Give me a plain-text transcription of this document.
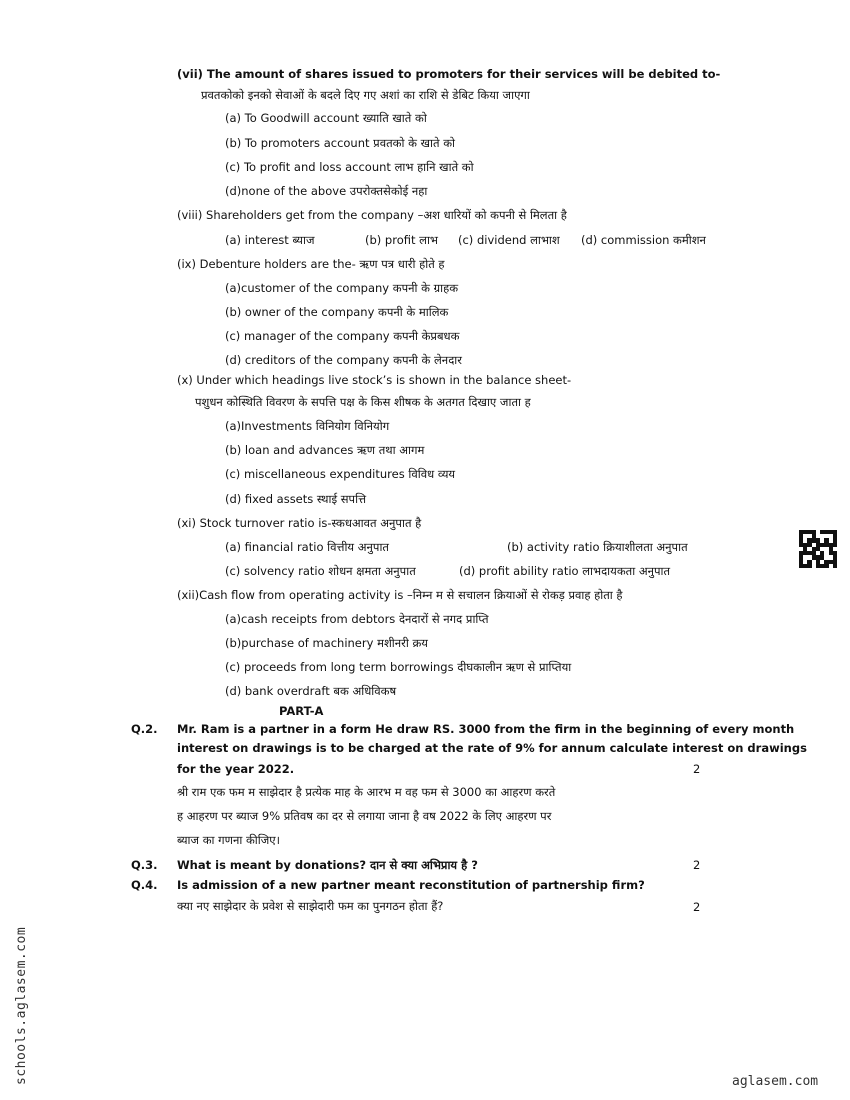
(vii) The amount of shares issued to promoters for their services will be debited to-
प्रवतकोको इनको सेवाओं के बदले दिए गए अशां का राशि से डेबिट किया जाएगा
(a) To Goodwill account ख्याति खाते को
(b) To promoters account प्रवतको के खाते को
(c) To profit and loss account लाभ हानि खाते को
(d)none of the above उपरोक्तसेकोई नहा
(viii) Shareholders get from the company –अश धारियों को कपनी से मिलता है
(a) interest ब्याज	(b) profit लाभ (c) dividend लाभाश (d) commission कमीशन
(ix) Debenture holders are the- ऋण पत्र धारी होते ह
(a)customer of the company कपनी के ग्राहक
(b) owner of the company कपनी के मालिक
(c) manager of the company कपनी केप्रबधक
(d) creditors of the company कपनी के लेनदार
(x) Under which headings live stock’s is shown in the balance sheet-
पशुधन कोस्थिति विवरण के सपत्ति पक्ष के किस शीषक के अतगत दिखाए जाता ह
(a)Investments विनियोग विनियोग
(b) loan and advances ऋण तथा आगम
(c) miscellaneous expenditures विविध व्यय
(d) fixed assets स्थाई सपत्ति
(xi) Stock turnover ratio is-स्कधआवत अनुपात है
(a) financial ratio वित्तीय अनुपात	(b) activity ratio क्रियाशीलता अनुपात
(c) solvency ratio शोधन क्षमता अनुपात	(d) profit ability ratio लाभदायकता अनुपात
(xii)Cash flow from operating activity is –निम्न म से सचालन क्रियाओं से रोकड़ प्रवाह होता है
(a)cash receipts from debtors देनदारों से नगद प्राप्ति
(b)purchase of machinery मशीनरी क्रय
(c) proceeds from long term borrowings दीघकालीन ऋण से प्राप्तिया
(d) bank overdraft बक अधिविकष
PART-A
Q.2. Mr. Ram is a partner in a form He draw RS. 3000 from the firm in the beginning of every month
interest on drawings is to be charged at the rate of 9% for annum calculate interest on drawings
for the year 2022.	2
श्री राम एक फम म साझेदार है प्रत्येक माह के आरभ म वह फम से 3000 का आहरण करते
ह आहरण पर ब्याज 9% प्रतिवष का दर से लगाया जाना है वष 2022 के लिए आहरण पर
ब्याज का गणना कीजिए।
Q.3. What is meant by donations? दान से क्या अभिप्राय है ?	2
Q.4. Is admission of a new partner meant reconstitution of partnership firm?
क्या नए साझेदार के प्रवेश से साझेदारी फम का पुनगठन होता हैं?	2
schools.aglasem.com	aglasem.com
